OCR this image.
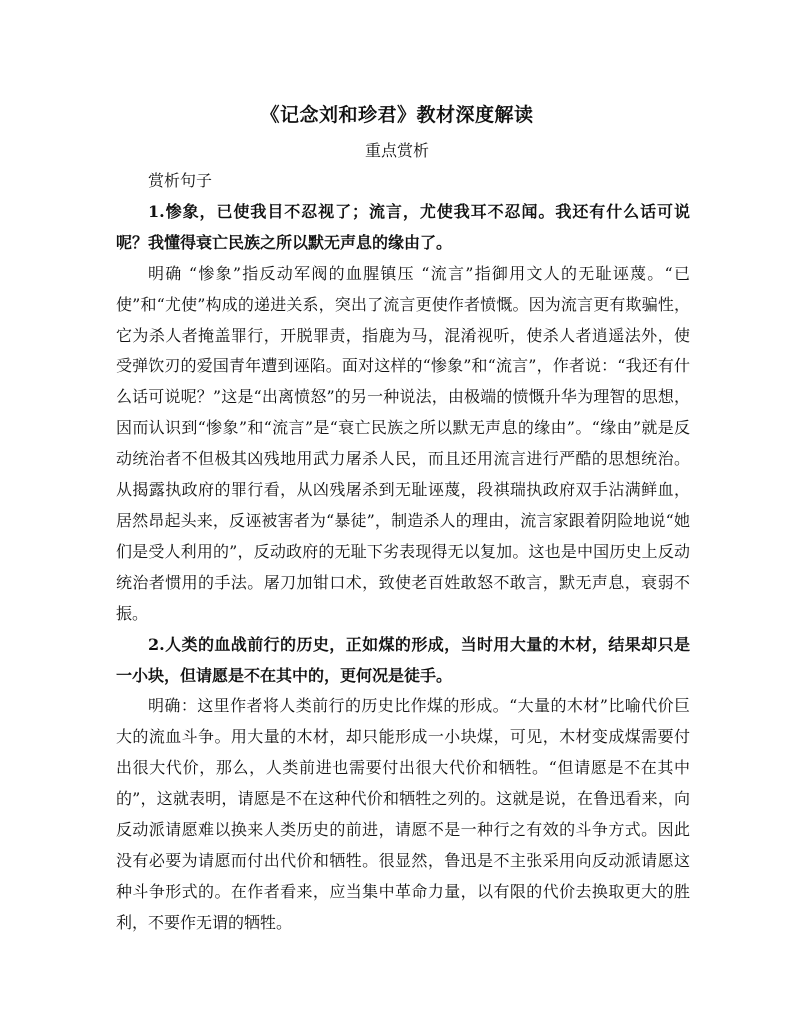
《记念刘和珍君》教材深度解读
重点赏析

赏析句子

1.惨象，已使我目不忍视了；流言，尤使我耳不忍闻。我还有什么话可说呢？我懂得衰亡民族之所以默无声息的缘由了。

明确 “惨象”指反动军阀的血腥镇压 “流言”指御用文人的无耻诬蔑。“已使”和“尤使”构成的递进关系，突出了流言更使作者愤慨。因为流言更有欺骗性，它为杀人者掩盖罪行，开脱罪责，指鹿为马，混淆视听，使杀人者逍遥法外，使受弹饮刃的爱国青年遭到诬陷。面对这样的“惨象”和“流言”，作者说：“我还有什么话可说呢？”这是“出离愤怒”的另一种说法，由极端的愤慨升华为理智的思想，因而认识到“惨象”和“流言”是“衰亡民族之所以默无声息的缘由”。“缘由”就是反动统治者不但极其凶残地用武力屠杀人民，而且还用流言进行严酷的思想统治。从揭露执政府的罪行看，从凶残屠杀到无耻诬蔑，段祺瑞执政府双手沾满鲜血，居然昂起头来，反诬被害者为“暴徒”，制造杀人的理由，流言家跟着阴险地说“她们是受人利用的”，反动政府的无耻下劣表现得无以复加。这也是中国历史上反动统治者惯用的手法。屠刀加钳口术，致使老百姓敢怒不敢言，默无声息，衰弱不振。

2.人类的血战前行的历史，正如煤的形成，当时用大量的木材，结果却只是一小块，但请愿是不在其中的，更何况是徒手。

明确：这里作者将人类前行的历史比作煤的形成。“大量的木材”比喻代价巨大的流血斗争。用大量的木材，却只能形成一小块煤，可见，木材变成煤需要付出很大代价，那么，人类前进也需要付出很大代价和牺牲。“但请愿是不在其中的”，这就表明，请愿是不在这种代价和牺牲之列的。这就是说，在鲁迅看来，向反动派请愿难以换来人类历史的前进，请愿不是一种行之有效的斗争方式。因此没有必要为请愿而付出代价和牺牲。很显然，鲁迅是不主张采用向反动派请愿这种斗争形式的。在作者看来，应当集中革命力量，以有限的代价去换取更大的胜利，不要作无谓的牺牲。
